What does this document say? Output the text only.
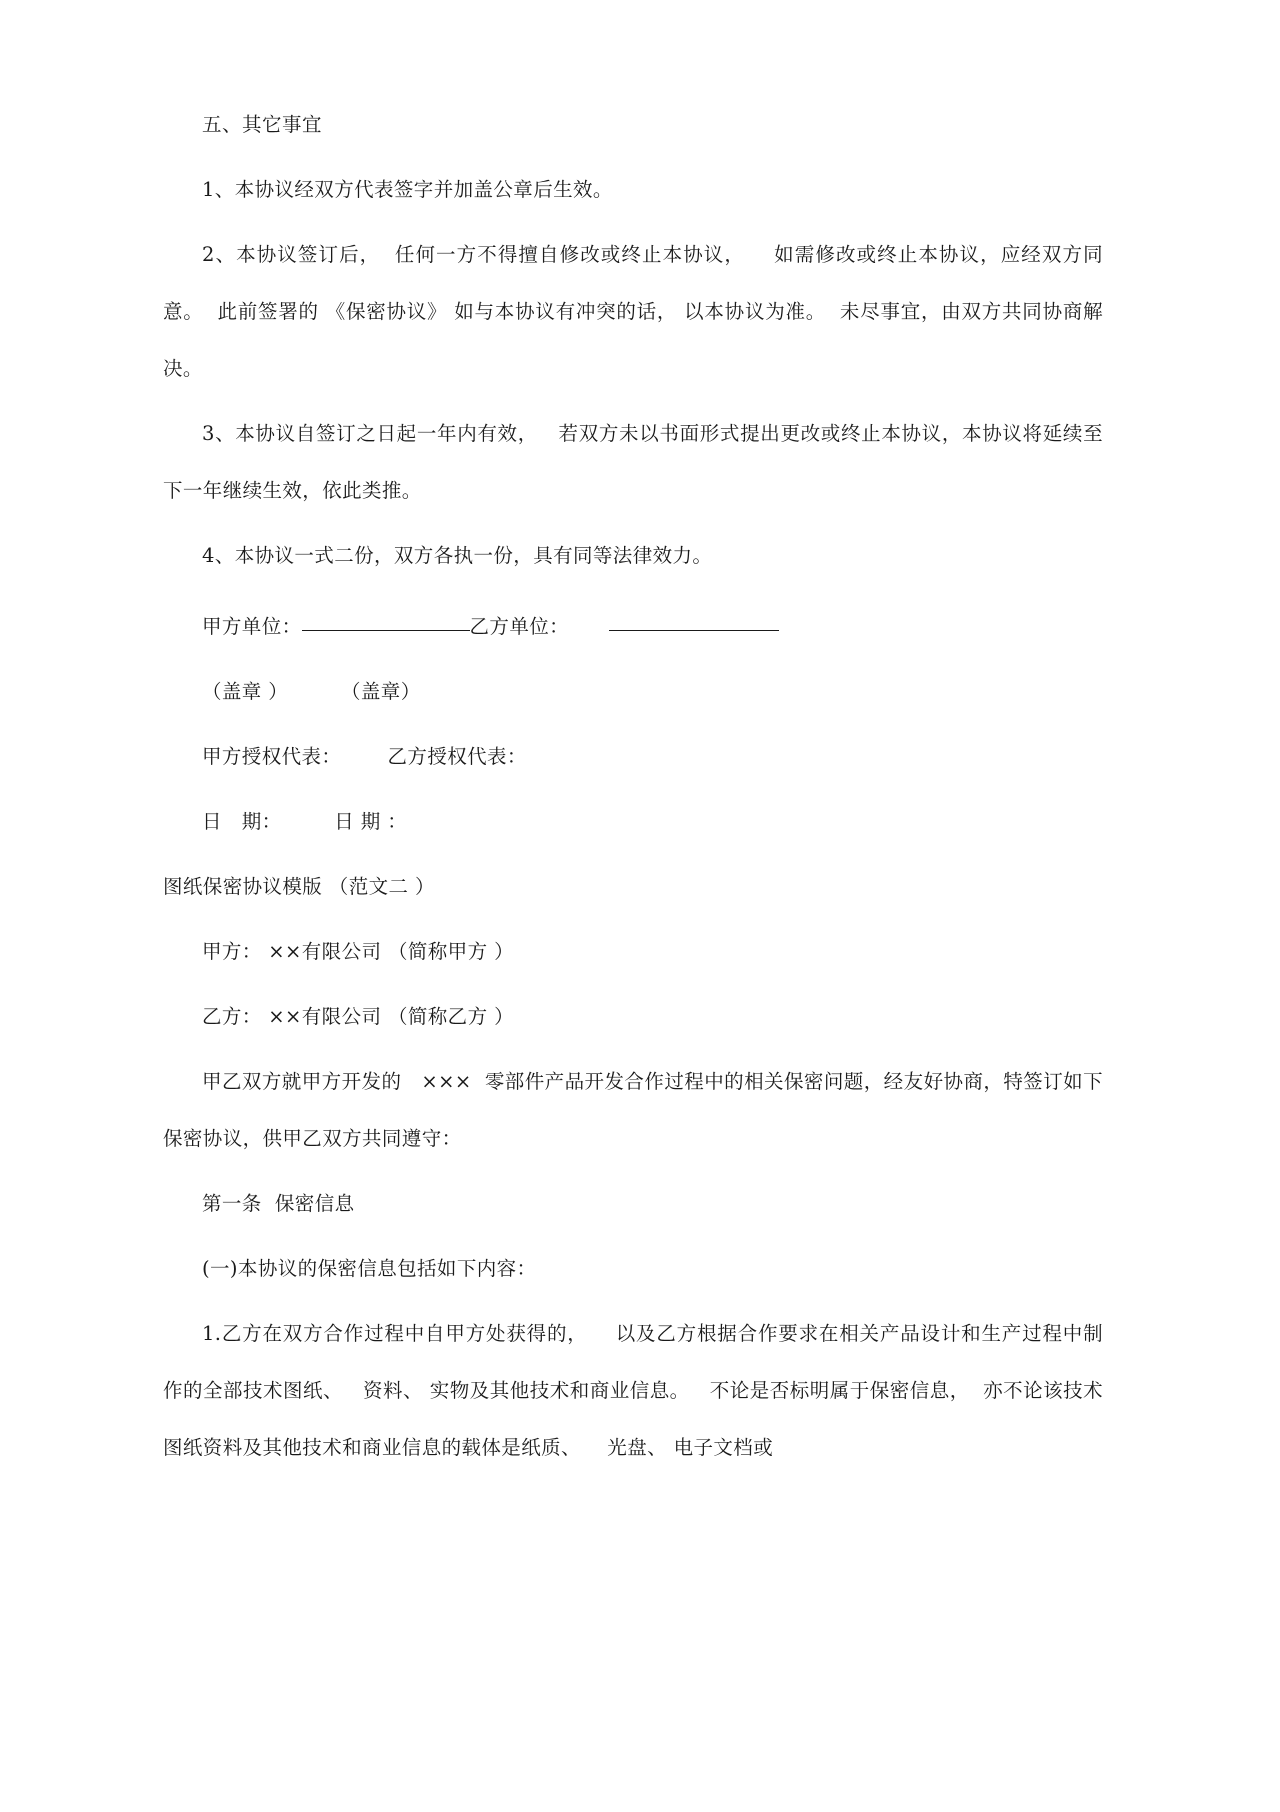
五、其它事宜
1、本协议经双方代表签字并加盖公章后生效。
2、本协议签订后，  任何一方不得擅自修改或终止本协议，    如需修改或终止本协议，应经双方同意。  此前签署的 《保密协议》 如与本协议有冲突的话， 以本协议为准。  未尽事宜，由双方共同协商解决。
3、本协议自签订之日起一年内有效，   若双方未以书面形式提出更改或终止本协议，本协议将延续至下一年继续生效，依此类推。
4、本协议一式二份，双方各执一份，具有同等法律效力。
甲方单位：	乙方单位：
（盖章 ）	（盖章）
甲方授权代表： 乙方授权代表：
日   期：	日 期 ：
图纸保密协议模版 （范文二 ）
甲方： ××有限公司 （简称甲方 ）
乙方： ××有限公司 （简称乙方 ）
甲乙双方就甲方开发的   ×××  零部件产品开发合作过程中的相关保密问题，经友好协商，特签订如下保密协议，供甲乙双方共同遵守：
第一条  保密信息
(一)本协议的保密信息包括如下内容：
1.乙方在双方合作过程中自甲方处获得的，    以及乙方根据合作要求在相关产品设计和生产过程中制作的全部技术图纸、   资料、 实物及其他技术和商业信息。   不论是否标明属于保密信息，  亦不论该技术图纸资料及其他技术和商业信息的载体是纸质、    光盘、 电子文档或
